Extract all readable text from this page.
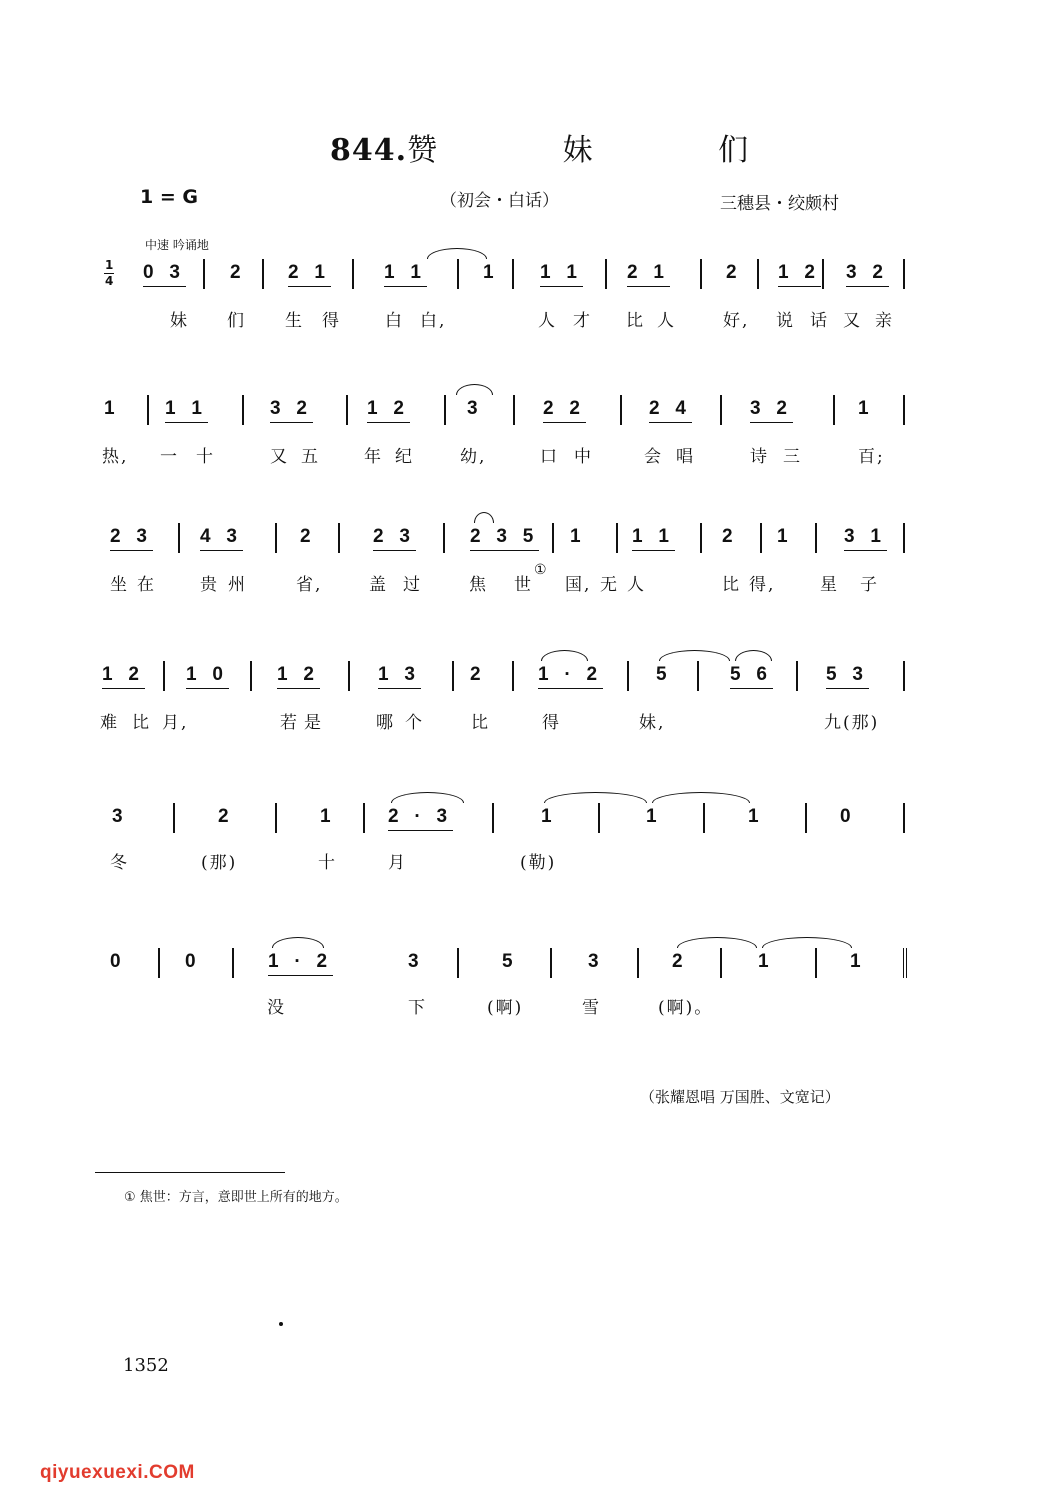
844.赞 妹 们
1 = G	（初会・白话）	三穗县・绞颇村
中速 吟诵地
1
4 0 3 2 2 1	1 1	1 1 1 2 1	2 1 2 3 2
妹 们 生 得	白 白,	人 才 比 人	好, 说 话 又 亲
1 1 1	3 2	1 2	3	2 2	2 4	3 2	1
热, 一 十	又 五	年 纪	幼,	口 中	会 唱	诗 三	百;
2 3 4 3	2	2 3	2 3 5 1 1 1 2 1	3 1
坐 在	贵 州	省,	盖 过	焦 世 国, 无 人	比 得,	星 子
①
1 2 1 0	1 2	1 3	2	1 · 2	5	5 6	5 3
难 比 月,	若 是	哪 个	比	得	妹,	九(那)
3	2	1	2 · 3	1	1	1	0
冬	(那)	十	月	(勒)
0	0	1 · 2	3	5	3	2	1	1
没	下	(啊)	雪	(啊)。
（张耀恩唱 万国胜、文宽记）
① 焦世：方言，意即世上所有的地方。
1352
qiyuexuexi.COM
